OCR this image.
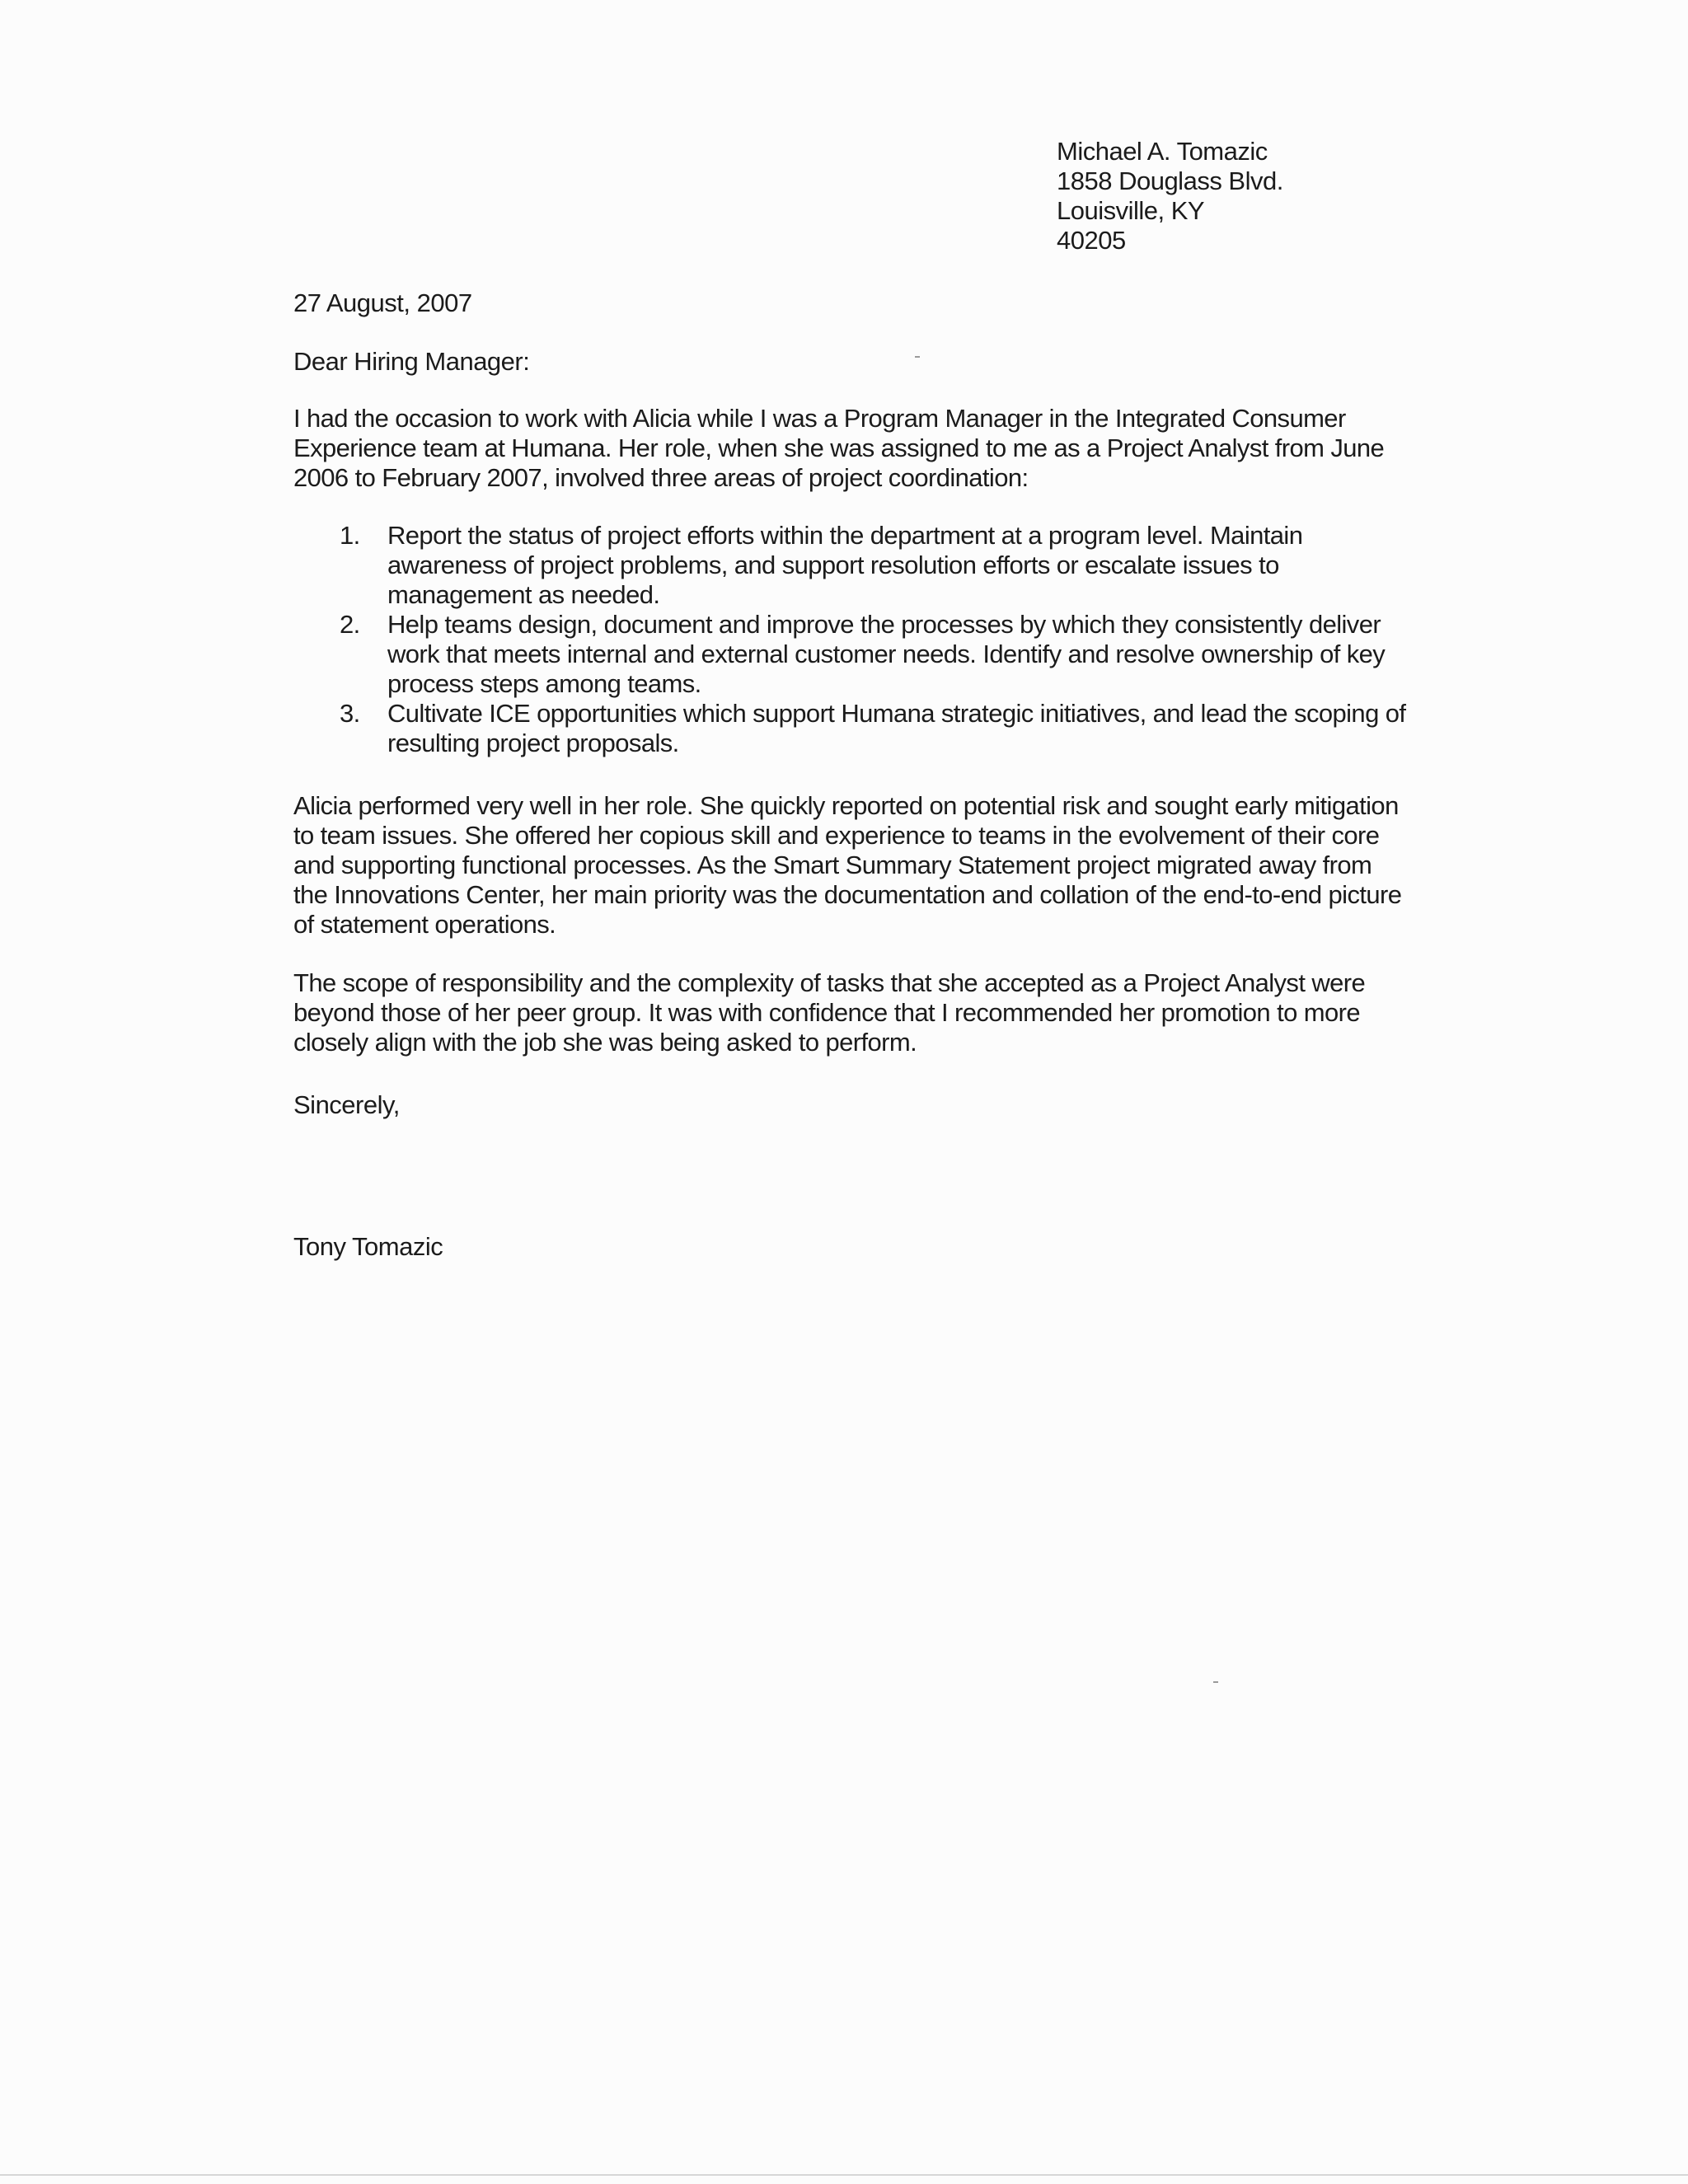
Michael A. Tomazic
1858 Douglass Blvd.
Louisville, KY
40205
27 August, 2007
Dear Hiring Manager:
I had the occasion to work with Alicia while I was a Program Manager in the Integrated Consumer
Experience team at Humana. Her role, when she was assigned to me as a Project Analyst from June
2006 to February 2007, involved three areas of project coordination:
1. Report the status of project efforts within the department at a program level. Maintain
awareness of project problems, and support resolution efforts or escalate issues to
management as needed.
2. Help teams design, document and improve the processes by which they consistently deliver
work that meets internal and external customer needs. Identify and resolve ownership of key
process steps among teams.
3. Cultivate ICE opportunities which support Humana strategic initiatives, and lead the scoping of
resulting project proposals.
Alicia performed very well in her role. She quickly reported on potential risk and sought early mitigation
to team issues. She offered her copious skill and experience to teams in the evolvement of their core
and supporting functional processes. As the Smart Summary Statement project migrated away from
the Innovations Center, her main priority was the documentation and collation of the end-to-end picture
of statement operations.
The scope of responsibility and the complexity of tasks that she accepted as a Project Analyst were
beyond those of her peer group. It was with confidence that I recommended her promotion to more
closely align with the job she was being asked to perform.
Sincerely,
Tony Tomazic
